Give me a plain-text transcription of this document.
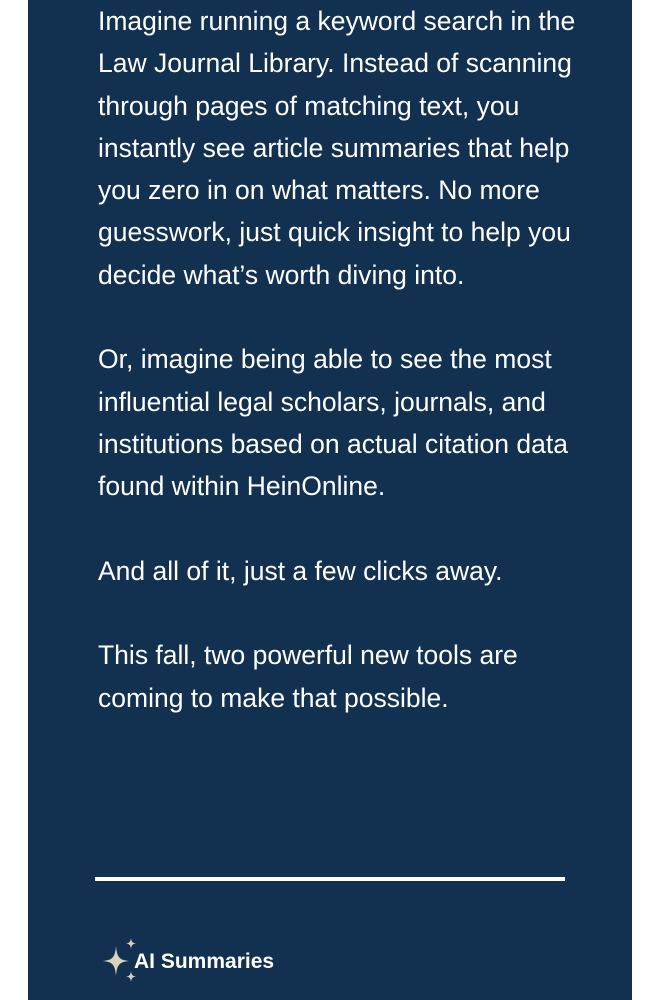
Imagine running a keyword search in the Law Journal Library. Instead of scanning through pages of matching text, you instantly see article summaries that help you zero in on what matters. No more guesswork, just quick insight to help you decide what’s worth diving into.

Or, imagine being able to see the most influential legal scholars, journals, and institutions based on actual citation data found within HeinOnline.

And all of it, just a few clicks away.

This fall, two powerful new tools are coming to make that possible.

AI Summaries
